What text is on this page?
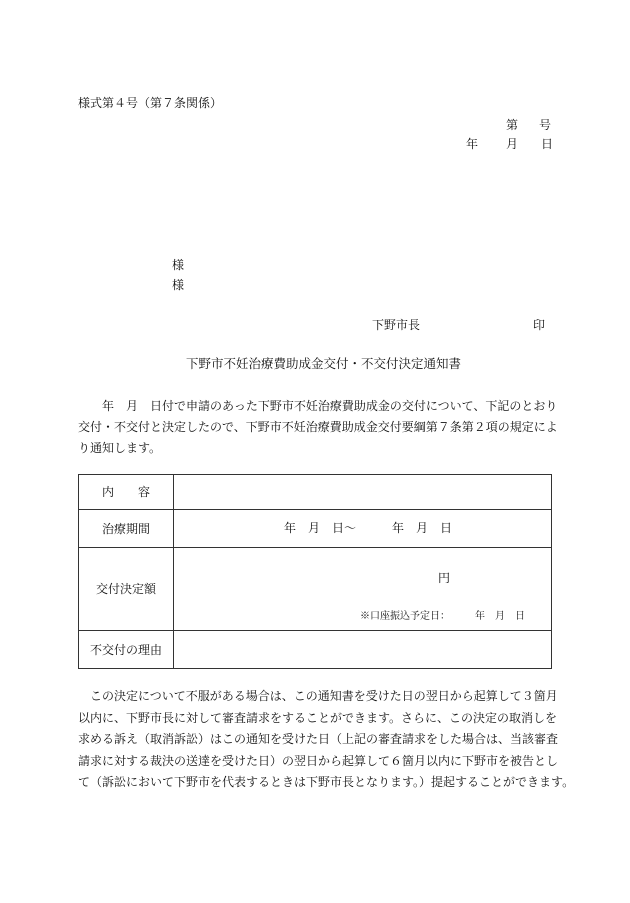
様式第４号（第７条関係）
第 号
年 月 日
様
様
下野市長	印
下野市不妊治療費助成金交付・不交付決定通知書
　　年　月　日付で申請のあった下野市不妊治療費助成金の交付について、下記のとおり
交付・不交付と決定したので、下野市不妊治療費助成金交付要綱第７条第２項の規定によ
り通知します。
内　　容	
治療期間	年　月　日〜　　　年　月　日

交付決定額	円
※口座振込予定日：　　　年　月　日

不交付の理由	
　この決定について不服がある場合は、この通知書を受けた日の翌日から起算して３箇月
以内に、下野市長に対して審査請求をすることができます。さらに、この決定の取消しを
求める訴え（取消訴訟）はこの通知を受けた日（上記の審査請求をした場合は、当該審査
請求に対する裁決の送達を受けた日）の翌日から起算して６箇月以内に下野市を被告とし
て（訴訟において下野市を代表するときは下野市長となります。）提起することができます。
